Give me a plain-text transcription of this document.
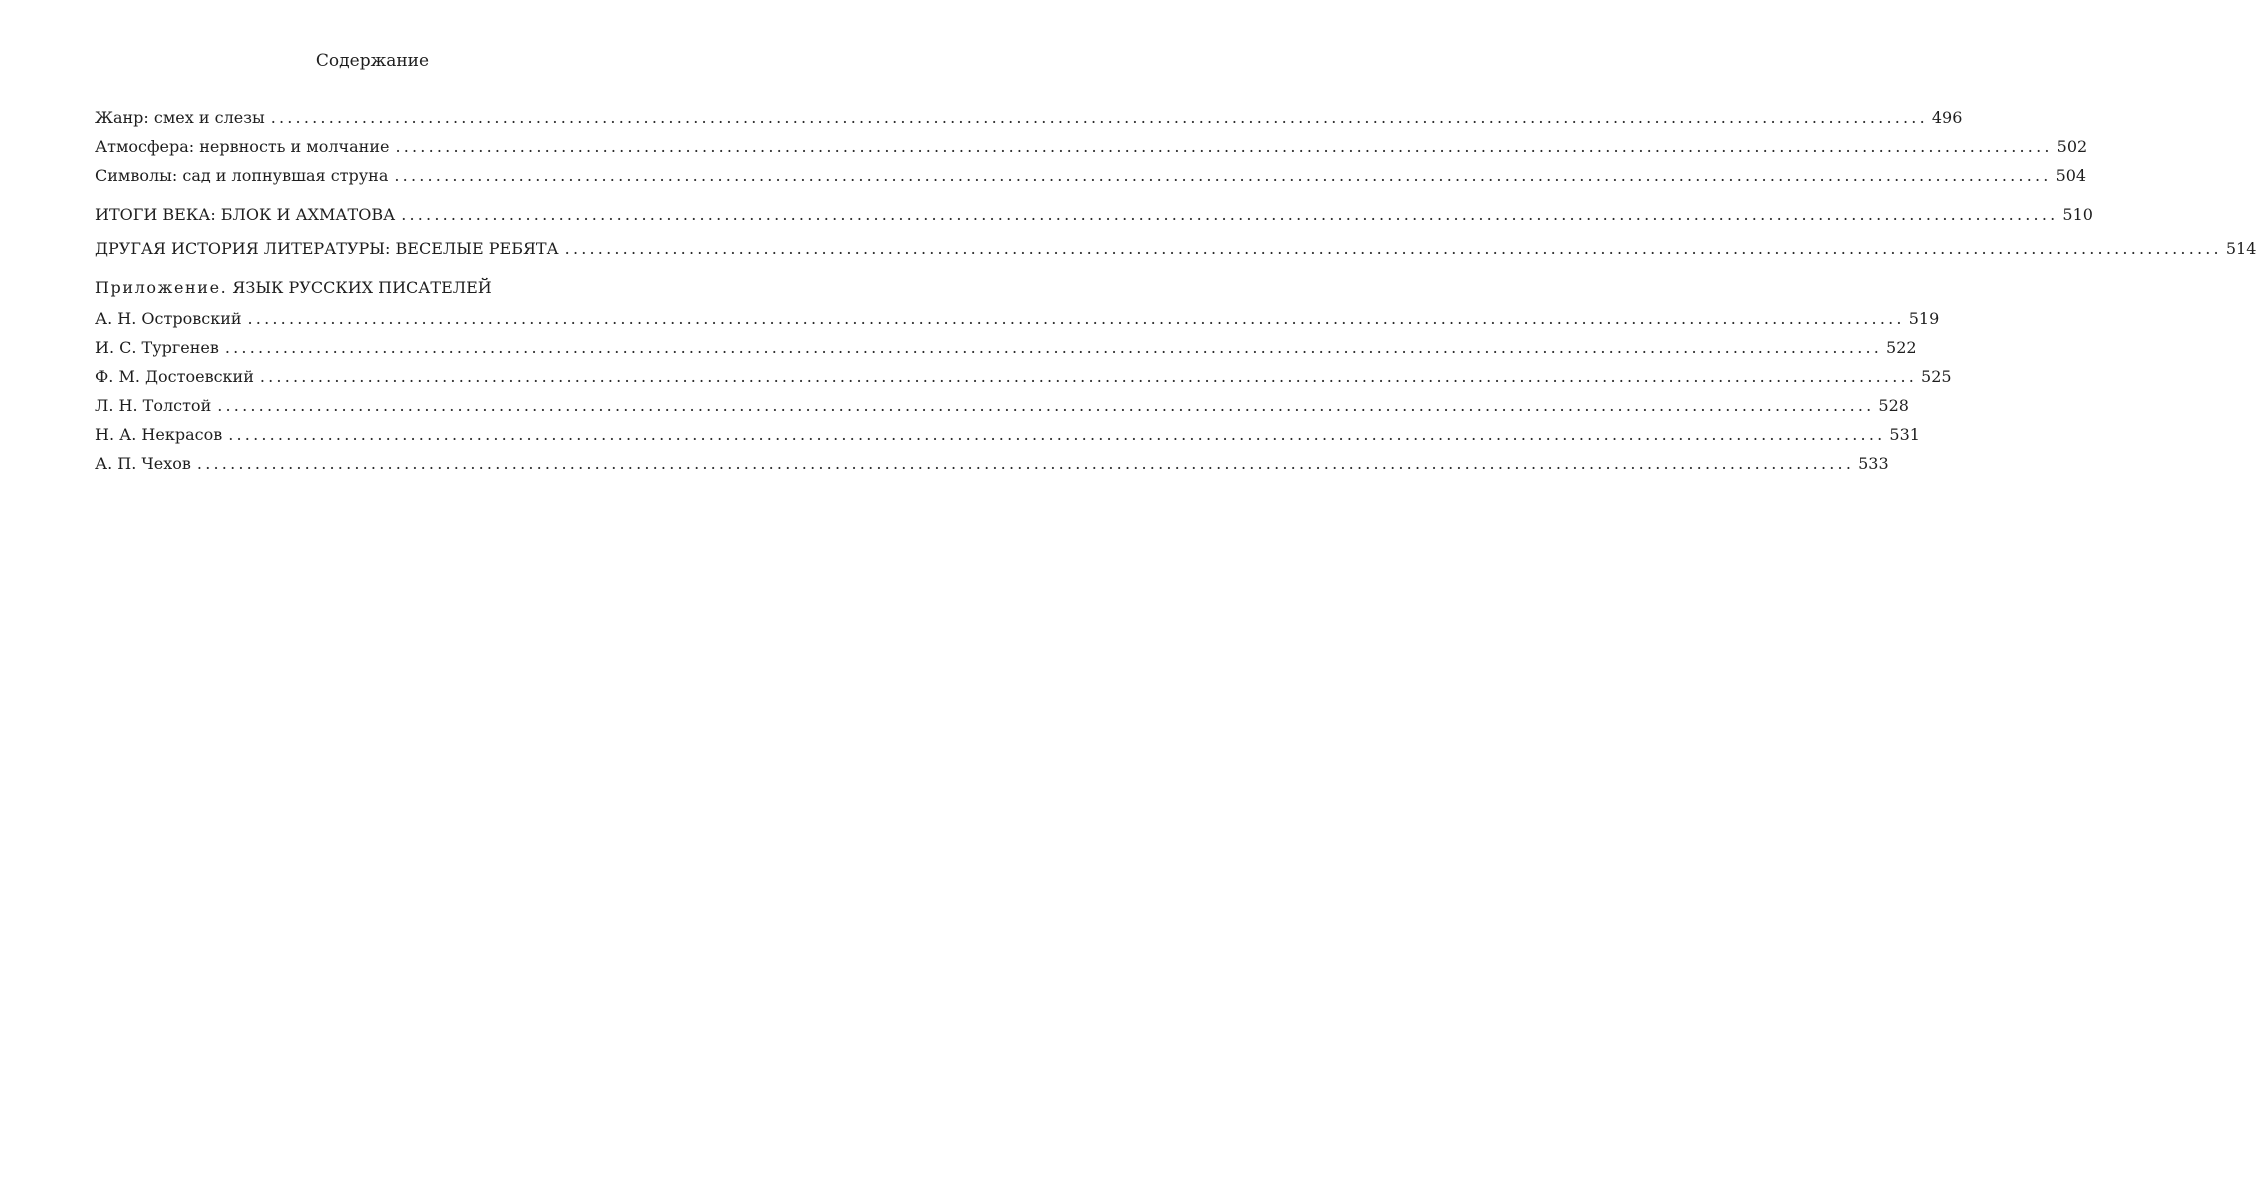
Содержание
Жанр: смех и слезы ........................................................................................................................................................................................................ 496
Атмосфера: нервность и молчание ........................................................................................................................................................................................................ 502
Символы: сад и лопнувшая струна ........................................................................................................................................................................................................ 504
ИТОГИ ВЕКА: БЛОК И АХМАТОВА ........................................................................................................................................................................................................ 510
ДРУГАЯ ИСТОРИЯ ЛИТЕРАТУРЫ: ВЕСЕЛЫЕ РЕБЯТА ........................................................................................................................................................................................................ 514
Приложение. ЯЗЫК РУССКИХ ПИСАТЕЛЕЙ
А. Н. Островский ........................................................................................................................................................................................................ 519
И. С. Тургенев ........................................................................................................................................................................................................ 522
Ф. М. Достоевский ........................................................................................................................................................................................................ 525
Л. Н. Толстой ........................................................................................................................................................................................................ 528
Н. А. Некрасов ........................................................................................................................................................................................................ 531
А. П. Чехов ........................................................................................................................................................................................................ 533
